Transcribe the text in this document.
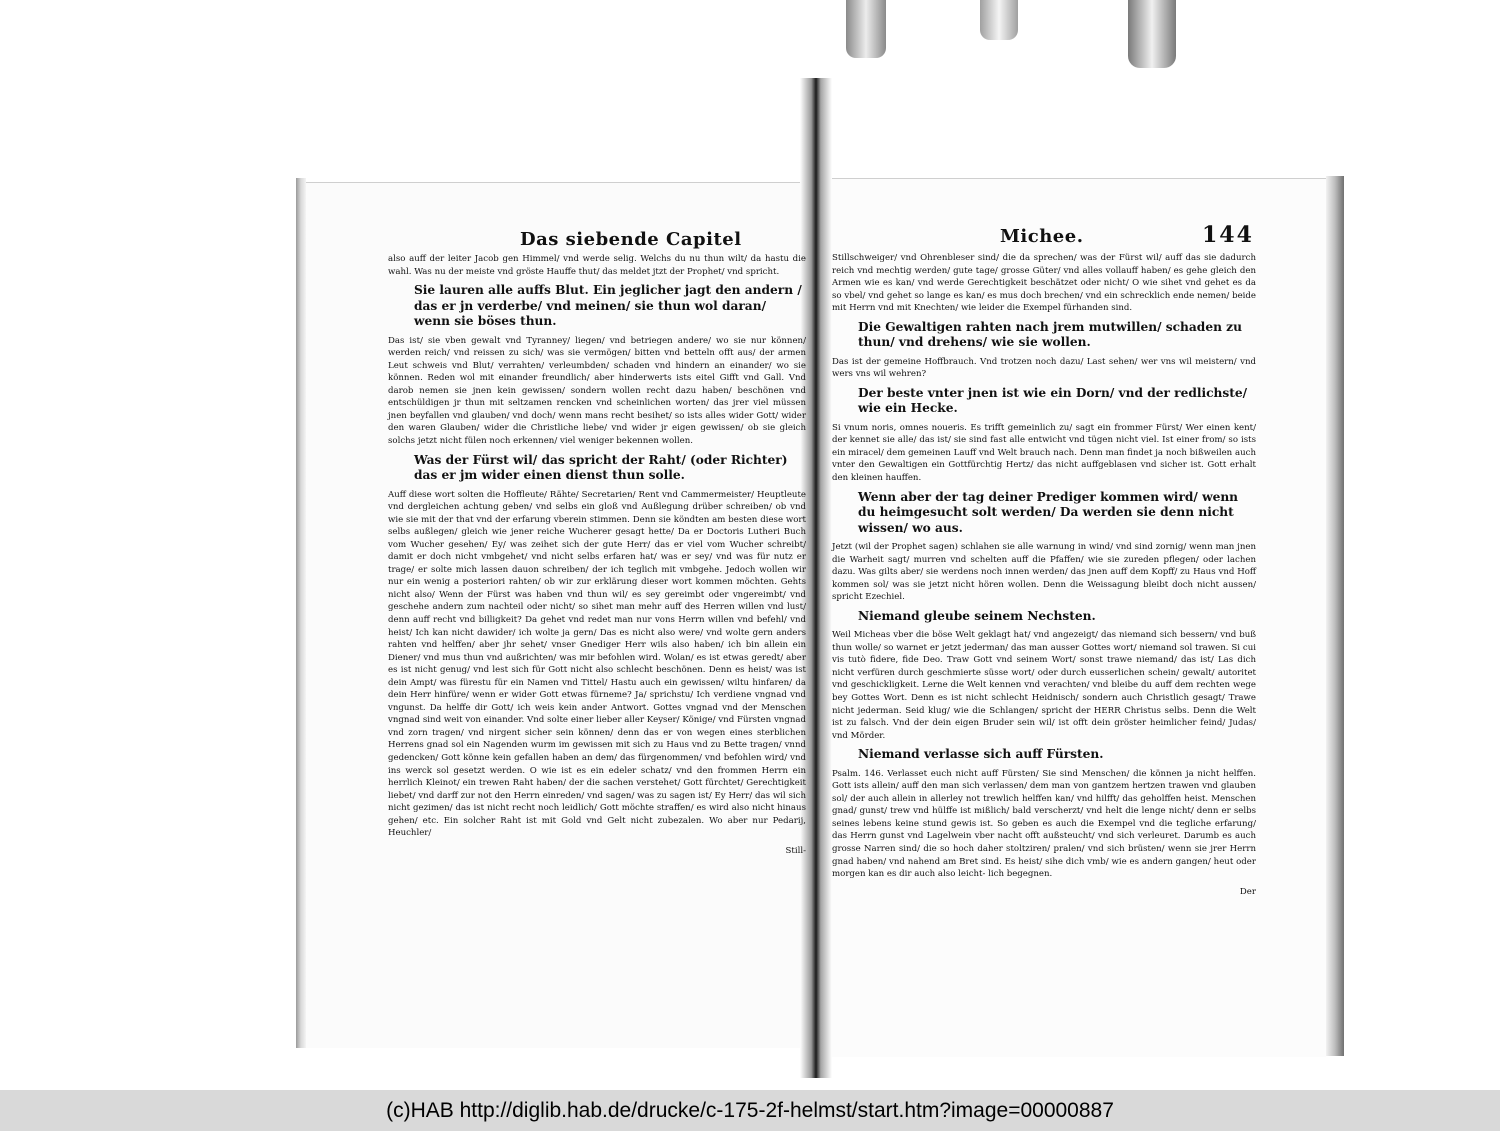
Das siebende Capitel	Michee.	144

also auff der leiter Jacob gen Himmel/ vnd werde selig. Welchs du nu thun wilt/ da hastu die wahl. Was nu der meiste vnd gröste Hauffe thut/ das meldet jtzt der Prophet/ vnd spricht.

Sie lauren alle auffs Blut. Ein jeglicher jagt den andern / das er jn verderbe/ vnd meinen/ sie thun wol daran/ wenn sie böses thun.

Das ist/ sie vben gewalt vnd Tyranney/ liegen/ vnd betriegen andere/ wo sie nur können/ werden reich/ vnd reissen zu sich/ was sie vermögen/ bitten vnd betteln offt aus/ der armen Leut schweis vnd Blut/ verrahten/ verleumbden/ schaden vnd hindern an einander/ wo sie können. Reden wol mit einander freundlich/ aber hinderwerts ists eitel Gifft vnd Gall. Vnd darob nemen sie jnen kein gewissen/ sondern wollen recht dazu haben/ beschönen vnd entschüldigen jr thun mit seltzamen rencken vnd scheinlichen worten/ das jrer viel müssen jnen beyfallen vnd glauben/ vnd doch/ wenn mans recht besihet/ so ists alles wider Gott/ wider den waren Glauben/ wider die Christliche liebe/ vnd wider jr eigen gewissen/ ob sie gleich solchs jetzt nicht fülen noch erkennen/ viel weniger bekennen wollen.

Was der Fürst wil/ das spricht der Raht/ (oder Richter) das er jm wider einen dienst thun solle.

Auff diese wort solten die Hoffleute/ Rähte/ Secretarien/ Rent vnd Cammermeister/ Heuptleute vnd dergleichen achtung geben/ vnd selbs ein gloß vnd Außlegung drüber schreiben/ ob vnd wie sie mit der that vnd der erfarung vberein stimmen. Denn sie köndten am besten diese wort selbs außlegen/ gleich wie jener reiche Wucherer gesagt hette/ Da er Doctoris Lutheri Buch vom Wucher gesehen/ Ey/ was zeihet sich der gute Herr/ das er viel vom Wucher schreibt/ damit er doch nicht vmbgehet/ vnd nicht selbs erfaren hat/ was er sey/ vnd was für nutz er trage/ er solte mich lassen dauon schreiben/ der ich teglich mit vmbgehe. Jedoch wollen wir nur ein wenig a posteriori rahten/ ob wir zur erklärung dieser wort kommen möchten. Gehts nicht also/ Wenn der Fürst was haben vnd thun wil/ es sey gereimbt oder vngereimbt/ vnd geschehe andern zum nachteil oder nicht/ so sihet man mehr auff des Herren willen vnd lust/ denn auff recht vnd billigkeit? Da gehet vnd redet man nur vons Herrn willen vnd befehl/ vnd heist/ Ich kan nicht dawider/ ich wolte ja gern/ Das es nicht also were/ vnd wolte gern anders rahten vnd helffen/ aber jhr sehet/ vnser Gnediger Herr wils also haben/ ich bin allein ein Diener/ vnd mus thun vnd außrichten/ was mir befohlen wird. Wolan/ es ist etwas geredt/ aber es ist nicht genug/ vnd lest sich für Gott nicht also schlecht beschönen. Denn es heist/ was ist dein Ampt/ was fürestu für ein Namen vnd Tittel/ Hastu auch ein gewissen/ wiltu hinfaren/ da dein Herr hinfüre/ wenn er wider Gott etwas fürneme? Ja/ sprichstu/ Ich verdiene vngnad vnd vngunst. Da helffe dir Gott/ ich weis kein ander Antwort. Gottes vngnad vnd der Menschen vngnad sind weit von einander. Vnd solte einer lieber aller Keyser/ Könige/ vnd Fürsten vngnad vnd zorn tragen/ vnd nirgent sicher sein können/ denn das er von wegen eines sterblichen Herrens gnad sol ein Nagenden wurm im gewissen mit sich zu Haus vnd zu Bette tragen/ vnnd gedencken/ Gott könne kein gefallen haben an dem/ das fürgenommen/ vnd befohlen wird/ vnd ins werck sol gesetzt werden. O wie ist es ein edeler schatz/ vnd den frommen Herrn ein herrlich Kleinot/ ein trewen Raht haben/ der die sachen verstehet/ Gott fürchtet/ Gerechtigkeit liebet/ vnd darff zur not den Herrn einreden/ vnd sagen/ was zu sagen ist/ Ey Herr/ das wil sich nicht gezimen/ das ist nicht recht noch leidlich/ Gott möchte straffen/ es wird also nicht hinaus gehen/ etc. Ein solcher Raht ist mit Gold vnd Gelt nicht zubezalen. Wo aber nur Pedarij, Heuchler/

Still-

Stillschweiger/ vnd Ohrenbleser sind/ die da sprechen/ was der Fürst wil/ auff das sie dadurch reich vnd mechtig werden/ gute tage/ grosse Güter/ vnd alles vollauff haben/ es gehe gleich den Armen wie es kan/ vnd werde Gerechtigkeit beschätzet oder nicht/ O wie sihet vnd gehet es da so vbel/ vnd gehet so lange es kan/ es mus doch brechen/ vnd ein schrecklich ende nemen/ beide mit Herrn vnd mit Knechten/ wie leider die Exempel fürhanden sind.

Die Gewaltigen rahten nach jrem mutwillen/ schaden zu thun/ vnd drehens/ wie sie wollen.

Das ist der gemeine Hoffbrauch. Vnd trotzen noch dazu/ Last sehen/ wer vns wil meistern/ vnd wers vns wil wehren?

Der beste vnter jnen ist wie ein Dorn/ vnd der redlichste/ wie ein Hecke.

Si vnum noris, omnes noueris. Es trifft gemeinlich zu/ sagt ein frommer Fürst/ Wer einen kent/ der kennet sie alle/ das ist/ sie sind fast alle entwicht vnd tügen nicht viel. Ist einer from/ so ists ein miracel/ dem gemeinen Lauff vnd Welt brauch nach. Denn man findet ja noch bißweilen auch vnter den Gewaltigen ein Gottfürchtig Hertz/ das nicht auffgeblasen vnd sicher ist. Gott erhalt den kleinen hauffen.

Wenn aber der tag deiner Prediger kommen wird/ wenn du heimgesucht solt werden/ Da werden sie denn nicht wissen/ wo aus.

Jetzt (wil der Prophet sagen) schlahen sie alle warnung in wind/ vnd sind zornig/ wenn man jnen die Warheit sagt/ murren vnd schelten auff die Pfaffen/ wie sie zureden pflegen/ oder lachen dazu. Was gilts aber/ sie werdens noch innen werden/ das jnen auff dem Kopff/ zu Haus vnd Hoff kommen sol/ was sie jetzt nicht hören wollen. Denn die Weissagung bleibt doch nicht aussen/ spricht Ezechiel.

Niemand gleube seinem Nechsten.

Weil Micheas vber die böse Welt geklagt hat/ vnd angezeigt/ das niemand sich bessern/ vnd buß thun wolle/ so warnet er jetzt jederman/ das man ausser Gottes wort/ niemand sol trawen. Si cui vis tutò fidere, fide Deo. Traw Gott vnd seinem Wort/ sonst trawe niemand/ das ist/ Las dich nicht verfüren durch geschmierte süsse wort/ oder durch eusserlichen schein/ gewalt/ autoritet vnd geschickligkeit. Lerne die Welt kennen vnd verachten/ vnd bleibe du auff dem rechten wege bey Gottes Wort. Denn es ist nicht schlecht Heidnisch/ sondern auch Christlich gesagt/ Trawe nicht jederman. Seid klug/ wie die Schlangen/ spricht der HERR Christus selbs. Denn die Welt ist zu falsch. Vnd der dein eigen Bruder sein wil/ ist offt dein gröster heimlicher feind/ Judas/ vnd Mörder.

Niemand verlasse sich auff Fürsten.

Psalm. 146. Verlasset euch nicht auff Fürsten/ Sie sind Menschen/ die können ja nicht helffen. Gott ists allein/ auff den man sich verlassen/ dem man von gantzem hertzen trawen vnd glauben sol/ der auch allein in allerley not trewlich helffen kan/ vnd hilfft/ das geholffen heist. Menschen gnad/ gunst/ trew vnd hülffe ist mißlich/ bald verscherzt/ vnd helt die lenge nicht/ denn er selbs seines lebens keine stund gewis ist. So geben es auch die Exempel vnd die tegliche erfarung/ das Herrn gunst vnd Lagelwein vber nacht offt außsteucht/ vnd sich verleuret. Darumb es auch grosse Narren sind/ die so hoch daher stoltziren/ pralen/ vnd sich brüsten/ wenn sie jrer Herrn gnad haben/ vnd nahend am Bret sind. Es heist/ sihe dich vmb/ wie es andern gangen/ heut oder morgen kan es dir auch also leicht- lich begegnen.

Der

(c)HAB http://diglib.hab.de/drucke/c-175-2f-helmst/start.htm?image=00000887
